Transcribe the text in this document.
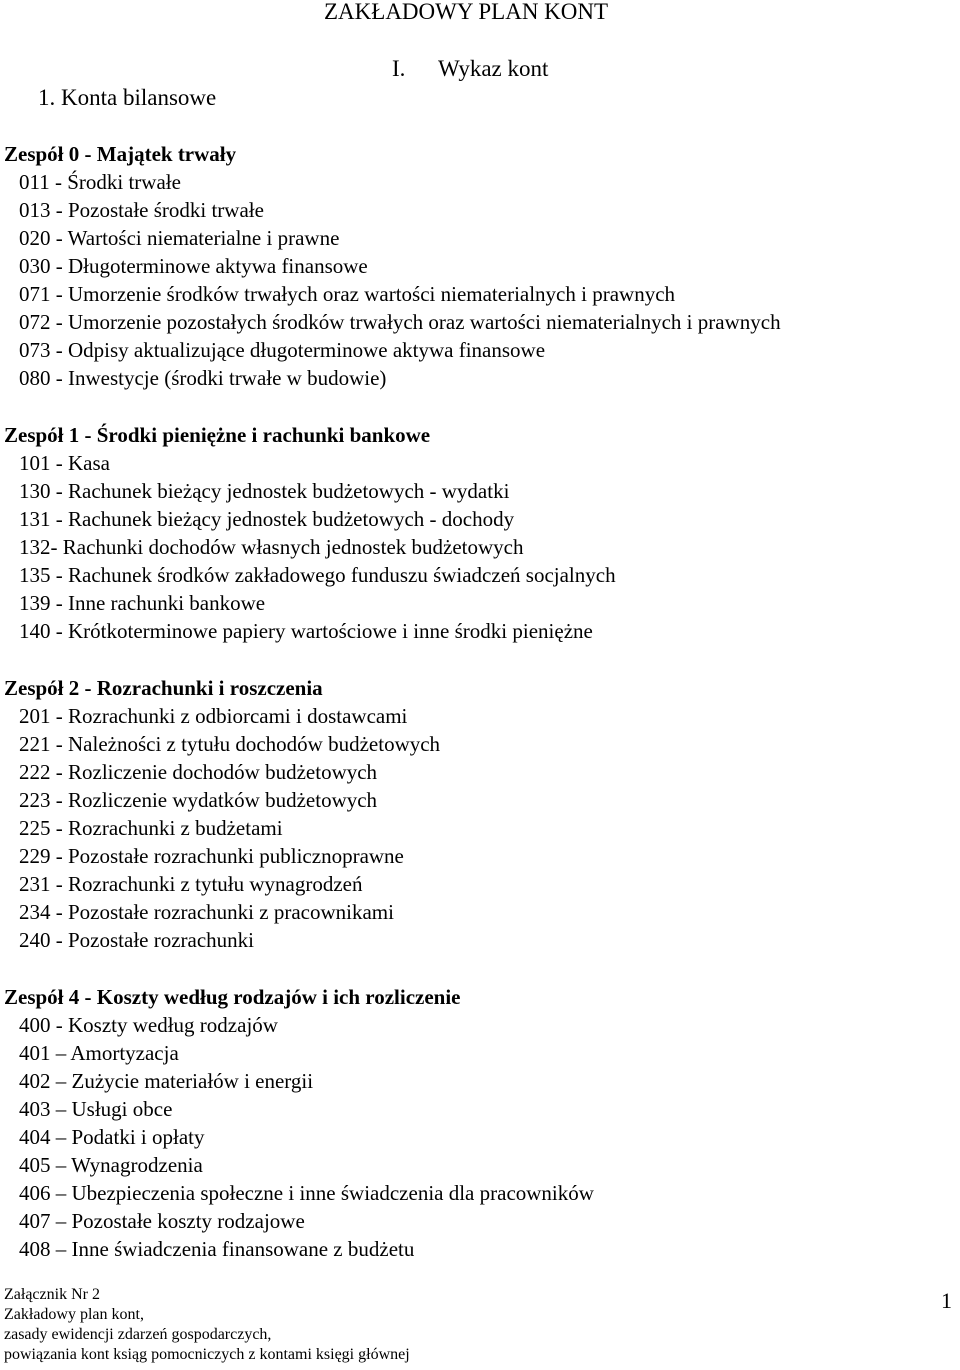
ZAKŁADOWY PLAN KONT
I. Wykaz kont
1. Konta bilansowe
Zespół 0 - Majątek trwały
011 - Środki trwałe
013 - Pozostałe środki trwałe
020 - Wartości niematerialne i prawne
030 - Długoterminowe aktywa finansowe
071 - Umorzenie środków trwałych oraz wartości niematerialnych i prawnych
072 - Umorzenie pozostałych środków trwałych oraz wartości niematerialnych i prawnych
073 - Odpisy aktualizujące długoterminowe aktywa finansowe
080 - Inwestycje (środki trwałe w budowie)
Zespół 1 - Środki pieniężne i rachunki bankowe
101 - Kasa
130 - Rachunek bieżący jednostek budżetowych - wydatki
131 - Rachunek bieżący jednostek budżetowych - dochody
132- Rachunki dochodów własnych jednostek budżetowych
135 - Rachunek środków zakładowego funduszu świadczeń socjalnych
139 - Inne rachunki bankowe
140 - Krótkoterminowe papiery wartościowe i inne środki pieniężne
Zespół 2 - Rozrachunki i roszczenia
201 - Rozrachunki z odbiorcami i dostawcami
221 - Należności z tytułu dochodów budżetowych
222 - Rozliczenie dochodów budżetowych
223 - Rozliczenie wydatków budżetowych
225 - Rozrachunki z budżetami
229 - Pozostałe rozrachunki publicznoprawne
231 - Rozrachunki z tytułu wynagrodzeń
234 - Pozostałe rozrachunki z pracownikami
240 - Pozostałe rozrachunki
Zespół 4 - Koszty według rodzajów i ich rozliczenie
400 - Koszty według rodzajów
401 – Amortyzacja
402 – Zużycie materiałów i energii
403 – Usługi obce
404 – Podatki i opłaty
405 – Wynagrodzenia
406 – Ubezpieczenia społeczne i inne świadczenia dla pracowników
407 – Pozostałe koszty rodzajowe
408 – Inne świadczenia finansowane z budżetu
Załącznik Nr 2
Zakładowy plan kont,
zasady ewidencji zdarzeń gospodarczych,
powiązania kont ksiąg pomocniczych z kontami księgi głównej
1
